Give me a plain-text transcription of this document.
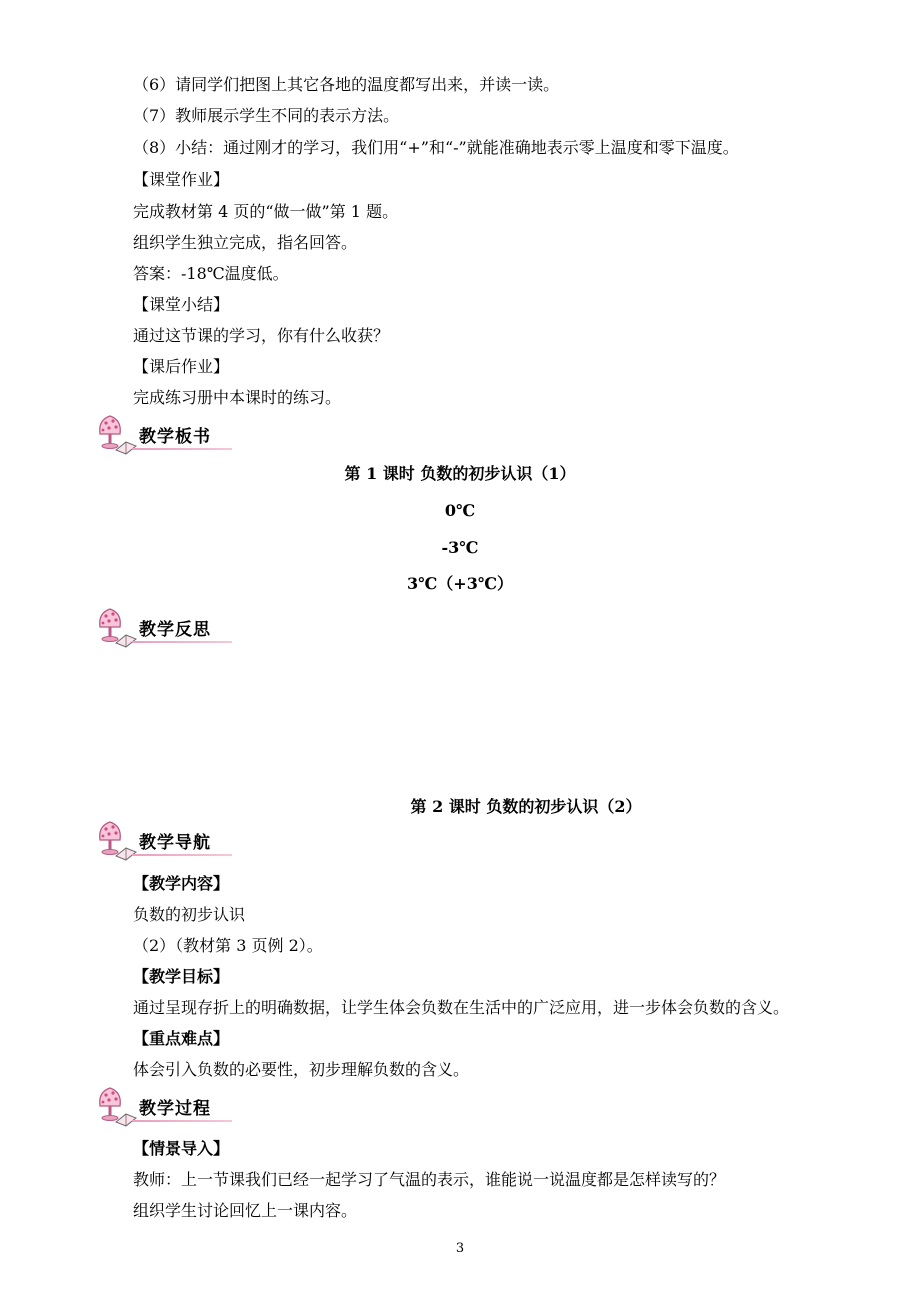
（6）请同学们把图上其它各地的温度都写出来，并读一读。
（7）教师展示学生不同的表示方法。
（8）小结：通过刚才的学习，我们用“+”和“-”就能准确地表示零上温度和零下温度。
【课堂作业】
完成教材第 4 页的“做一做”第 1 题。
组织学生独立完成，指名回答。
答案：-18℃温度低。
【课堂小结】
通过这节课的学习，你有什么收获？
【课后作业】
完成练习册中本课时的练习。
教学板书
第 1 课时 负数的初步认识（1）
0℃
-3℃
3℃（+3℃）
教学反思
第 2 课时 负数的初步认识（2）
教学导航
【教学内容】
负数的初步认识
（2）（教材第 3 页例 2）。
【教学目标】
通过呈现存折上的明确数据，让学生体会负数在生活中的广泛应用，进一步体会负数的含义。
【重点难点】
体会引入负数的必要性，初步理解负数的含义。
教学过程
【情景导入】
教师：上一节课我们已经一起学习了气温的表示，谁能说一说温度都是怎样读写的？
组织学生讨论回忆上一课内容。
3
